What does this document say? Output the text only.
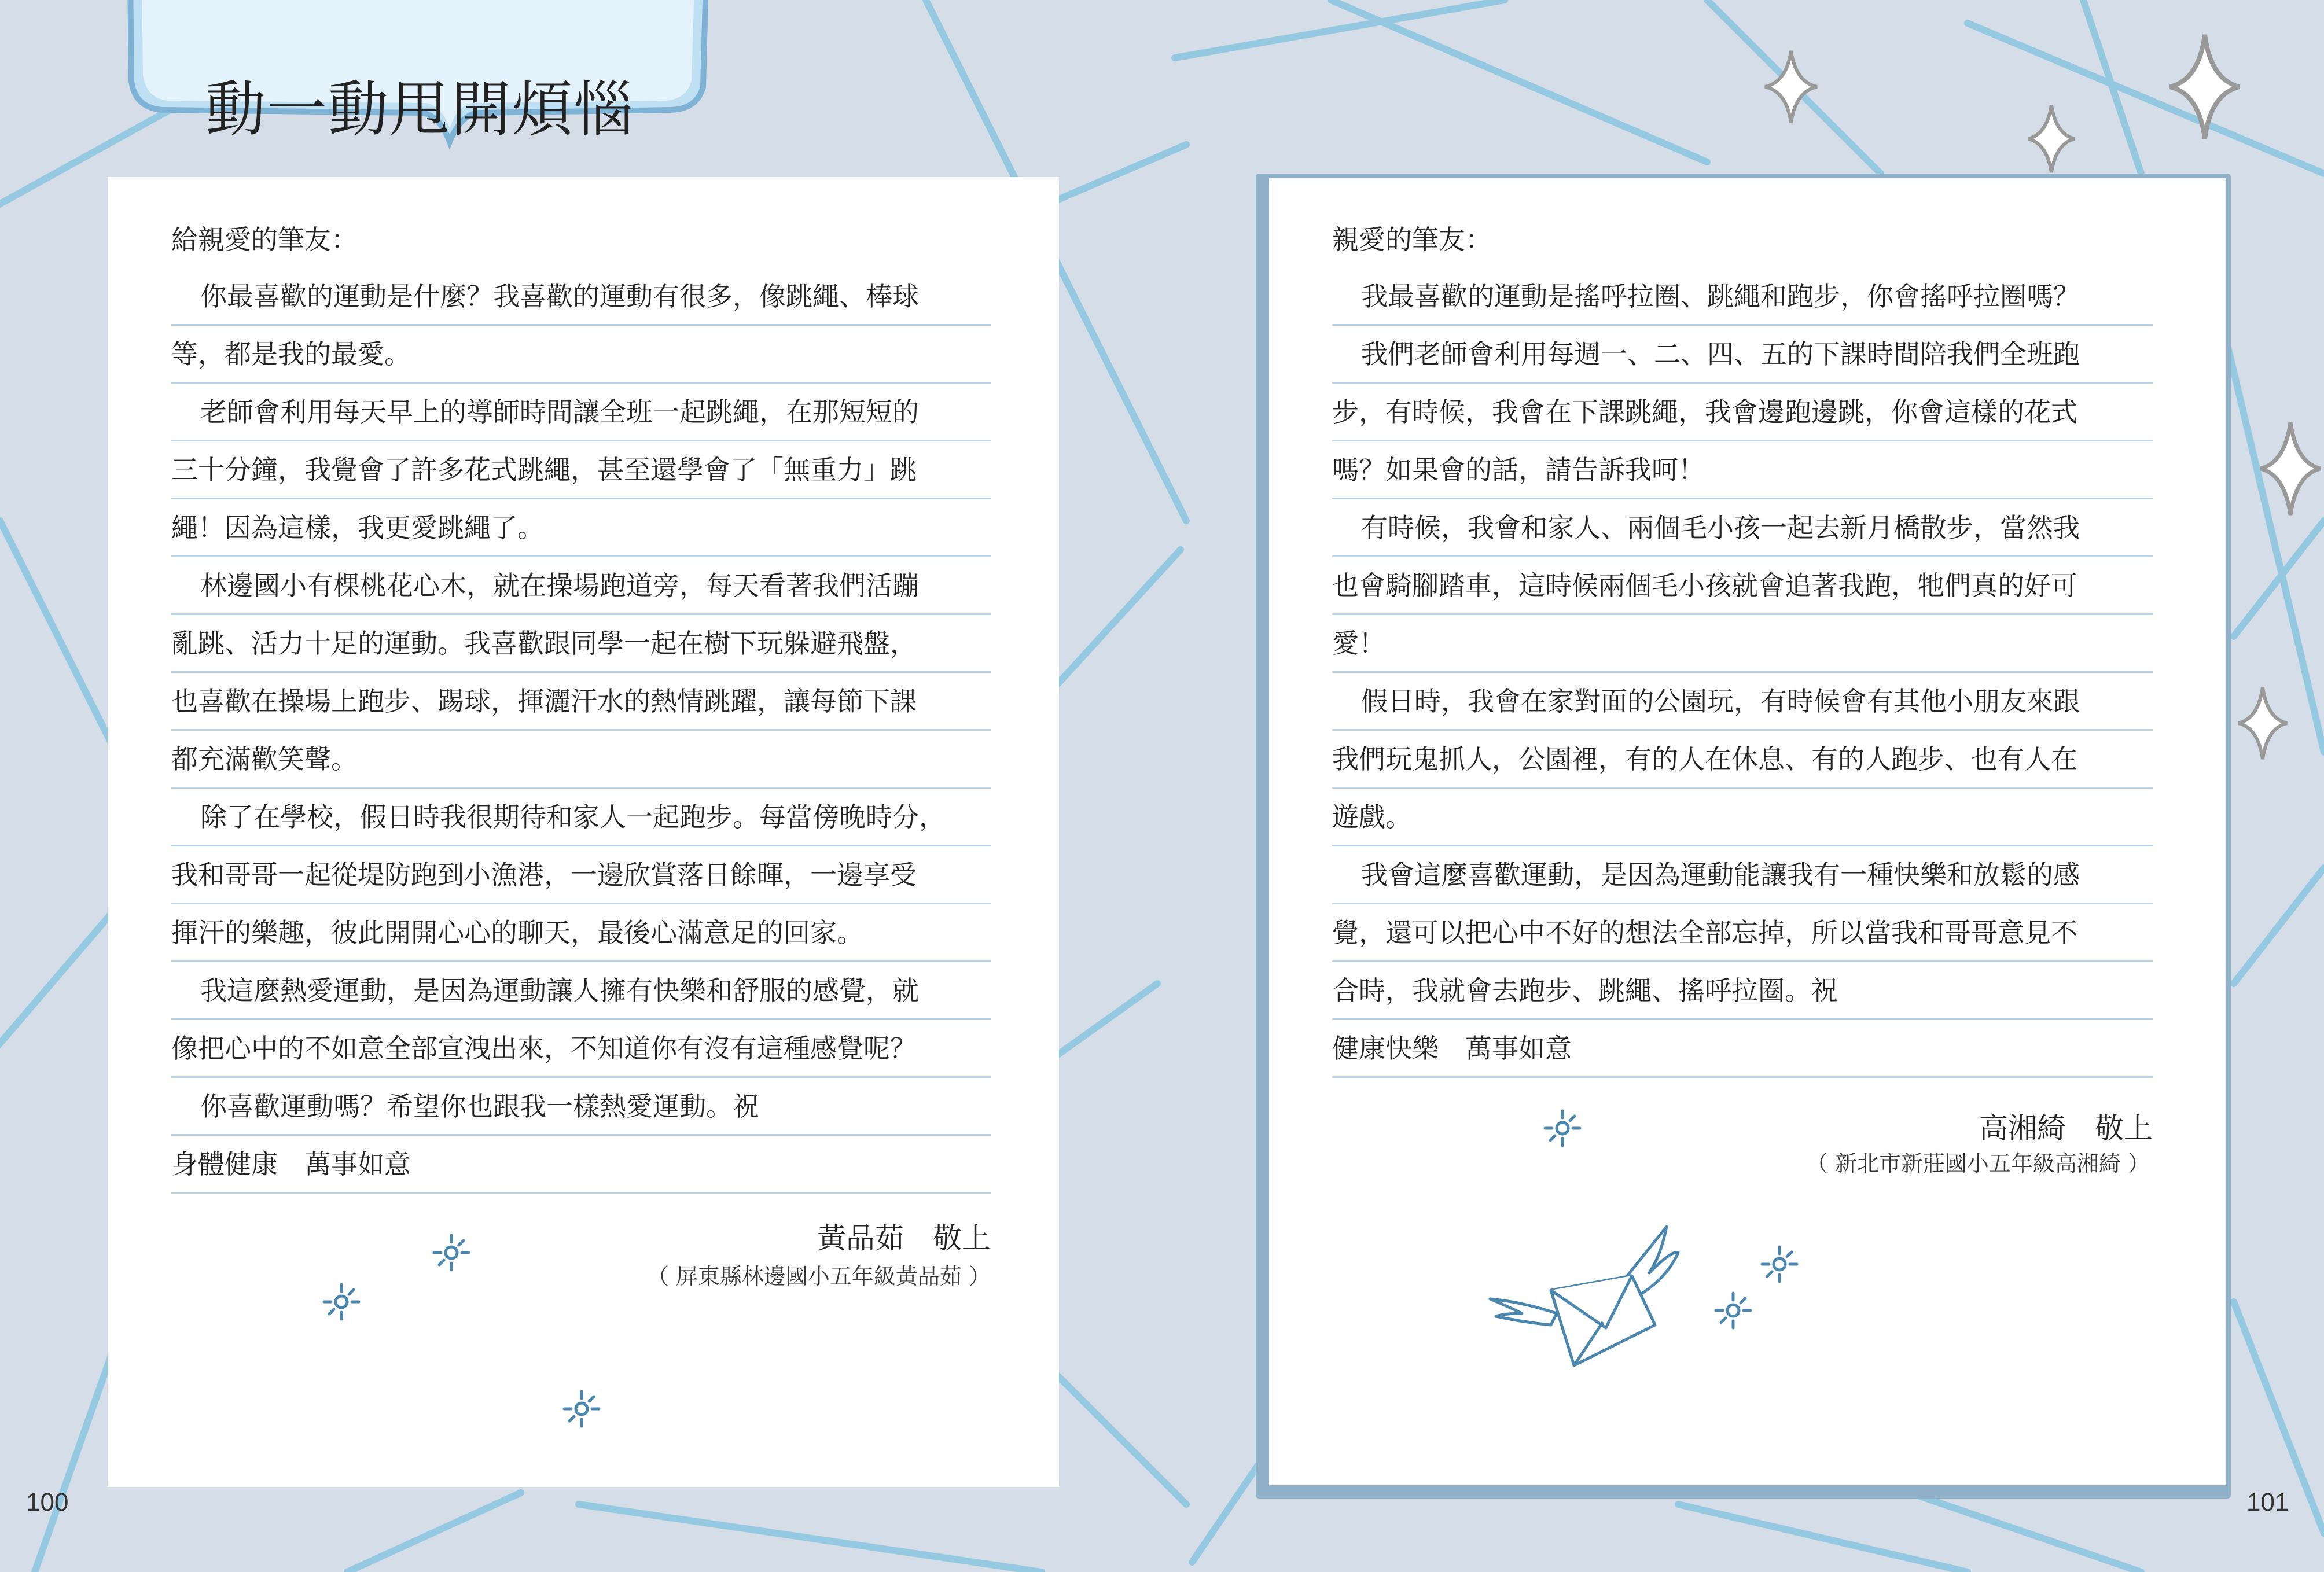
動一動甩開煩惱
給親愛的筆友：
你最喜歡的運動是什麼？我喜歡的運動有很多，像跳繩、棒球
等，都是我的最愛。
老師會利用每天早上的導師時間讓全班一起跳繩，在那短短的
三十分鐘，我覺會了許多花式跳繩，甚至還學會了「無重力」跳
繩！因為這樣，我更愛跳繩了。
林邊國小有棵桃花心木，就在操場跑道旁，每天看著我們活蹦
亂跳、活力十足的運動。我喜歡跟同學一起在樹下玩躲避飛盤，
也喜歡在操場上跑步、踢球，揮灑汗水的熱情跳躍，讓每節下課
都充滿歡笑聲。
除了在學校，假日時我很期待和家人一起跑步。每當傍晚時分，
我和哥哥一起從堤防跑到小漁港，一邊欣賞落日餘暉，一邊享受
揮汗的樂趣，彼此開開心心的聊天，最後心滿意足的回家。
我這麼熱愛運動，是因為運動讓人擁有快樂和舒服的感覺，就
像把心中的不如意全部宣洩出來，不知道你有沒有這種感覺呢？
你喜歡運動嗎？希望你也跟我一樣熱愛運動。祝
身體健康　萬事如意
黃品茹　敬上
（ 屏東縣林邊國小五年級黃品茹 ）
親愛的筆友：
我最喜歡的運動是搖呼拉圈、跳繩和跑步，你會搖呼拉圈嗎？
我們老師會利用每週一、二、四、五的下課時間陪我們全班跑
步，有時候，我會在下課跳繩，我會邊跑邊跳，你會這樣的花式
嗎？如果會的話，請告訴我呵！
有時候，我會和家人、兩個毛小孩一起去新月橋散步，當然我
也會騎腳踏車，這時候兩個毛小孩就會追著我跑，牠們真的好可
愛！
假日時，我會在家對面的公園玩，有時候會有其他小朋友來跟
我們玩鬼抓人，公園裡，有的人在休息、有的人跑步、也有人在
遊戲。
我會這麼喜歡運動，是因為運動能讓我有一種快樂和放鬆的感
覺，還可以把心中不好的想法全部忘掉，所以當我和哥哥意見不
合時，我就會去跑步、跳繩、搖呼拉圈。祝
健康快樂　萬事如意
高湘綺　敬上
（ 新北市新莊國小五年級高湘綺 ）
100	101
